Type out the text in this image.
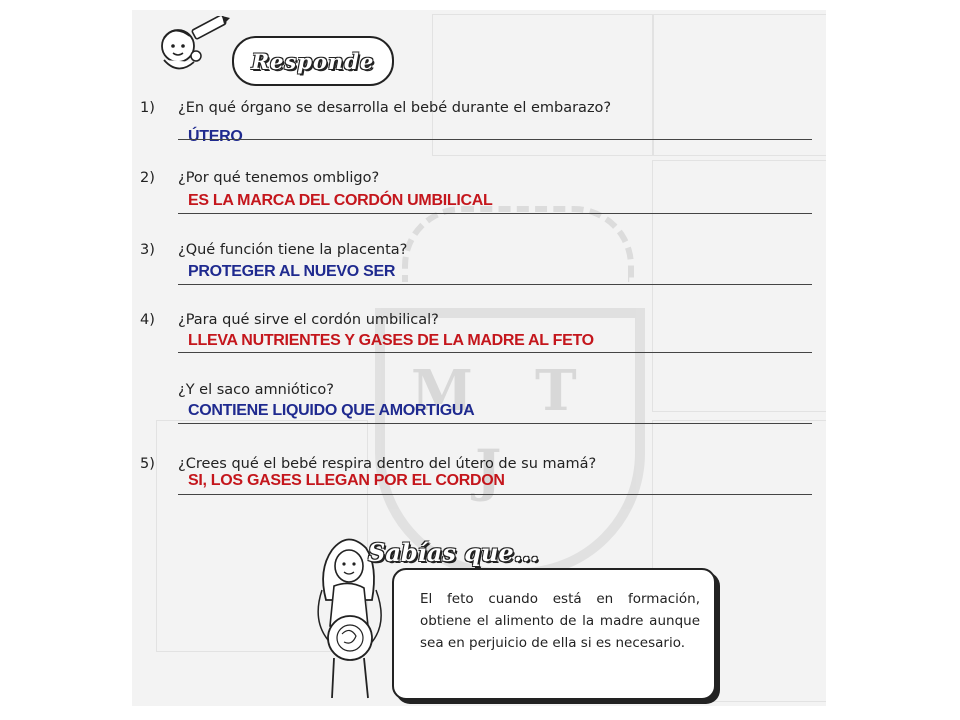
M T
J
Responde
1) ¿En qué órgano se desarrolla el bebé durante el embarazo?
ÚTERO
2) ¿Por qué tenemos ombligo?
ES LA MARCA DEL CORDÓN UMBILICAL
3) ¿Qué función tiene la placenta?
PROTEGER AL NUEVO SER
4) ¿Para qué sirve el cordón umbilical?
LLEVA NUTRIENTES Y GASES DE LA MADRE AL FETO
¿Y el saco amniótico?
CONTIENE LIQUIDO QUE AMORTIGUA
5) ¿Crees qué el bebé respira dentro del útero de su mamá?
SI, LOS GASES LLEGAN POR EL CORDON
Sabías que...
El feto cuando está en formación, obtiene el alimento de la madre aunque sea en perjuicio de ella si es necesario.
